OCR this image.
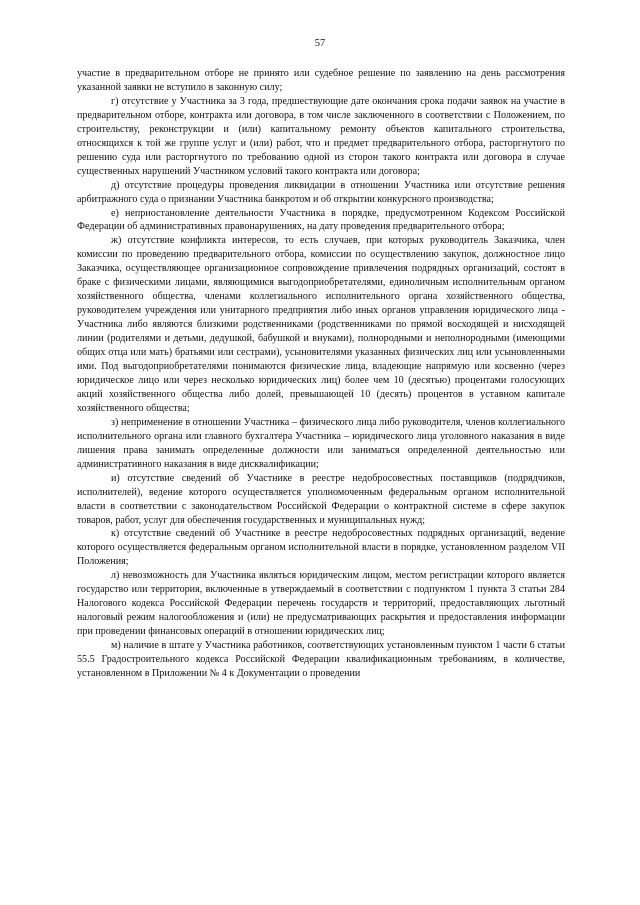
57

участие в предварительном отборе не принято или судебное решение по заявлению на день рассмотрения указанной заявки не вступило в законную силу;

г) отсутствие у Участника за 3 года, предшествующие дате окончания срока подачи заявок на участие в предварительном отборе, контракта или договора, в том числе заключенного в соответствии с Положением, по строительству, реконструкции и (или) капитальному ремонту объектов капитального строительства, относящихся к той же группе услуг и (или) работ, что и предмет предварительного отбора, расторгнутого по решению суда или расторгнутого по требованию одной из сторон такого контракта или договора в случае существенных нарушений Участником условий такого контракта или договора;

д) отсутствие процедуры проведения ликвидации в отношении Участника или отсутствие решения арбитражного суда о признании Участника банкротом и об открытии конкурсного производства;

е) неприостановление деятельности Участника в порядке, предусмотренном Кодексом Российской Федерации об административных правонарушениях, на дату проведения предварительного отбора;

ж) отсутствие конфликта интересов, то есть случаев, при которых руководитель Заказчика, член комиссии по проведению предварительного отбора, комиссии по осуществлению закупок, должностное лицо Заказчика, осуществляющее организационное сопровождение привлечения подрядных организаций, состоят в браке с физическими лицами, являющимися выгодоприобретателями, единоличным исполнительным органом хозяйственного общества, членами коллегиального исполнительного органа хозяйственного общества, руководителем учреждения или унитарного предприятия либо иных органов управления юридического лица - Участника либо являются близкими родственниками (родственниками по прямой восходящей и нисходящей линии (родителями и детьми, дедушкой, бабушкой и внуками), полнородными и неполнородными (имеющими общих отца или мать) братьями или сестрами), усыновителями указанных физических лиц или усыновленными ими. Под выгодоприобретателями понимаются физические лица, владеющие напрямую или косвенно (через юридическое лицо или через несколько юридических лиц) более чем 10 (десятью) процентами голосующих акций хозяйственного общества либо долей, превышающей 10 (десять) процентов в уставном капитале хозяйственного общества;

з) неприменение в отношении Участника – физического лица либо руководителя, членов коллегиального исполнительного органа или главного бухгалтера Участника – юридического лица уголовного наказания в виде лишения права занимать определенные должности или заниматься определенной деятельностью или административного наказания в виде дисквалификации;

и) отсутствие сведений об Участнике в реестре недобросовестных поставщиков (подрядчиков, исполнителей), ведение которого осуществляется уполномоченным федеральным органом исполнительной власти в соответствии с законодательством Российской Федерации о контрактной системе в сфере закупок товаров, работ, услуг для обеспечения государственных и муниципальных нужд;

к) отсутствие сведений об Участнике в реестре недобросовестных подрядных организаций, ведение которого осуществляется федеральным органом исполнительной власти в порядке, установленном разделом VII Положения;

л) невозможность для Участника являться юридическим лицом, местом регистрации которого является государство или территория, включенные в утверждаемый в соответствии с подпунктом 1 пункта 3 статьи 284 Налогового кодекса Российской Федерации перечень государств и территорий, предоставляющих льготный налоговый режим налогообложения и (или) не предусматривающих раскрытия и предоставления информации при проведении финансовых операций в отношении юридических лиц;

м) наличие в штате у Участника работников, соответствующих установленным пунктом 1 части 6 статьи 55.5 Градостроительного кодекса Российской Федерации квалификационным требованиям, в количестве, установленном в Приложении № 4 к Документации о проведении
